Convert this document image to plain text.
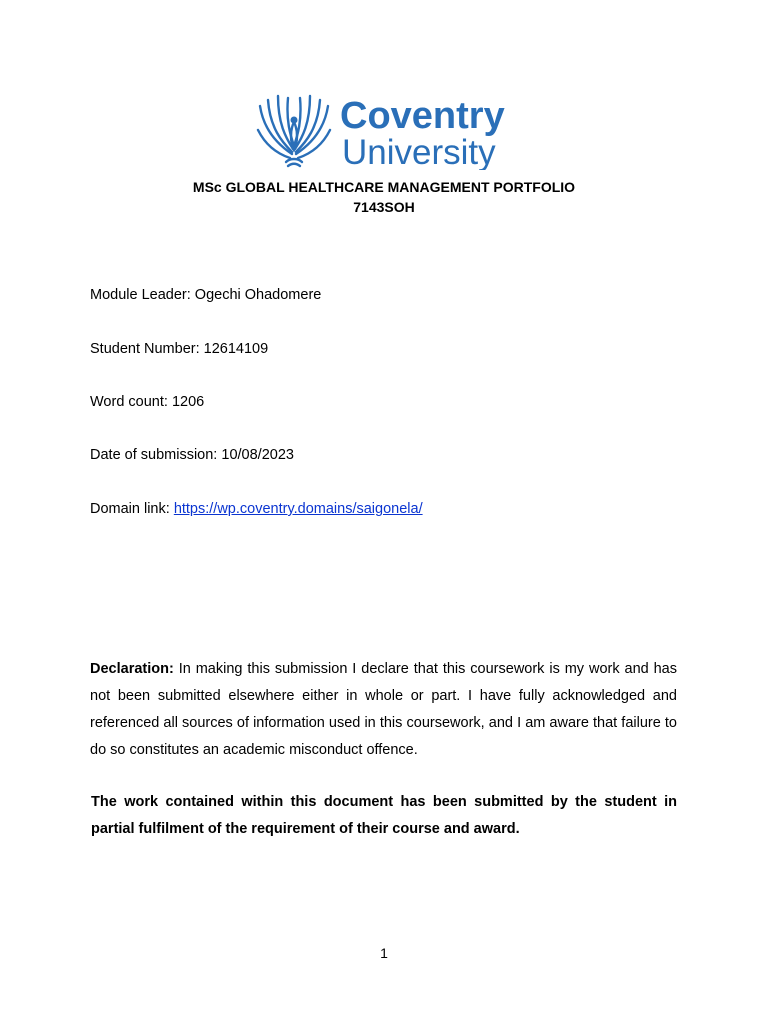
Coventry
University
MSc GLOBAL HEALTHCARE MANAGEMENT PORTFOLIO
7143SOH
Module Leader: Ogechi Ohadomere
Student Number: 12614109
Word count: 1206
Date of submission: 10/08/2023
Domain link: https://wp.coventry.domains/saigonela/
Declaration: In making this submission I declare that this coursework is my work and has not been submitted elsewhere either in whole or part. I have fully acknowledged and referenced all sources of information used in this coursework, and I am aware that failure to do so constitutes an academic misconduct offence.
The work contained within this document has been submitted by the student in partial fulfilment of the requirement of their course and award.
1
